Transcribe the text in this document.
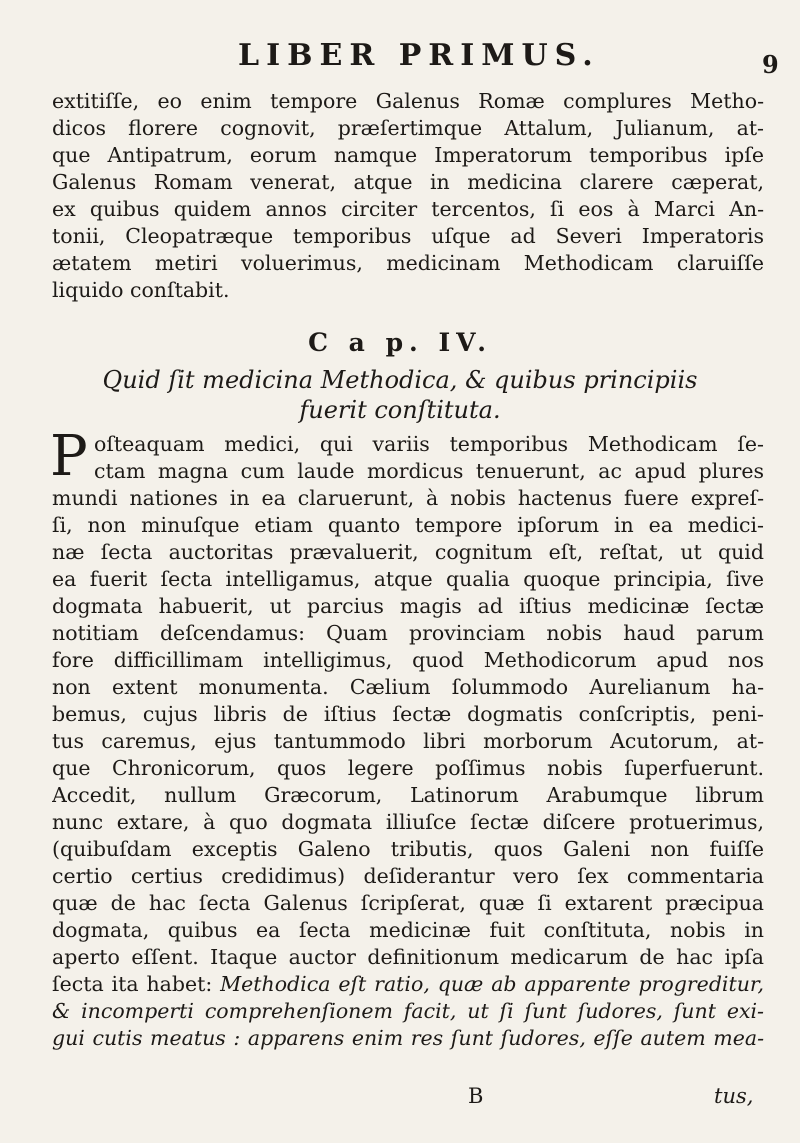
LIBER PRIMUS.	9
extitiſſe, eo enim tempore Galenus Romæ complures Metho-
dicos florere cognovit, præſertimque Attalum, Julianum, at-
que Antipatrum, eorum namque Imperatorum temporibus ipſe
Galenus Romam venerat, atque in medicina clarere cæperat,
ex quibus quidem annos circiter tercentos, ſi eos à Marci An-
tonii, Cleopatræque temporibus uſque ad Severi Imperatoris
ætatem metiri voluerimus, medicinam Methodicam claruiſſe
liquido conſtabit.
C a p. IV.
Quid ſit medicina Methodica, & quibus principiis
fuerit conſtituta.
P oſteaquam medici, qui variis temporibus Methodicam ſe-
ctam magna cum laude mordicus tenuerunt, ac apud plures
mundi nationes in ea claruerunt, à nobis hactenus fuere expreſ-
ſi, non minuſque etiam quanto tempore ipſorum in ea medici-
næ ſecta auctoritas prævaluerit, cognitum eſt, reſtat, ut quid
ea fuerit ſecta intelligamus, atque qualia quoque principia, ſive
dogmata habuerit, ut parcius magis ad iſtius medicinæ ſectæ
notitiam deſcendamus: Quam provinciam nobis haud parum
fore difficillimam intelligimus, quod Methodicorum apud nos
non extent monumenta. Cælium ſolummodo Aurelianum ha-
bemus, cujus libris de iſtius ſectæ dogmatis conſcriptis, peni-
tus caremus, ejus tantummodo libri morborum Acutorum, at-
que Chronicorum, quos legere poſſimus nobis ſuperfuerunt.
Accedit, nullum Græcorum, Latinorum Arabumque librum
nunc extare, à quo dogmata illiuſce ſectæ diſcere protuerimus,
(quibuſdam exceptis Galeno tributis, quos Galeni non fuiſſe
certio certius credidimus) deſiderantur vero ſex commentaria
quæ de hac ſecta Galenus ſcripſerat, quæ ſi extarent præcipua
dogmata, quibus ea ſecta medicinæ fuit conſtituta, nobis in
aperto eſſent. Itaque auctor definitionum medicarum de hac ipſa
ſecta ita habet: Methodica eſt ratio, quæ ab apparente progreditur,
& incomperti comprehenſionem facit, ut ſi ſunt ſudores, ſunt exi-
gui cutis meatus : apparens enim res ſunt ſudores, eſſe autem mea-
B	tus,
